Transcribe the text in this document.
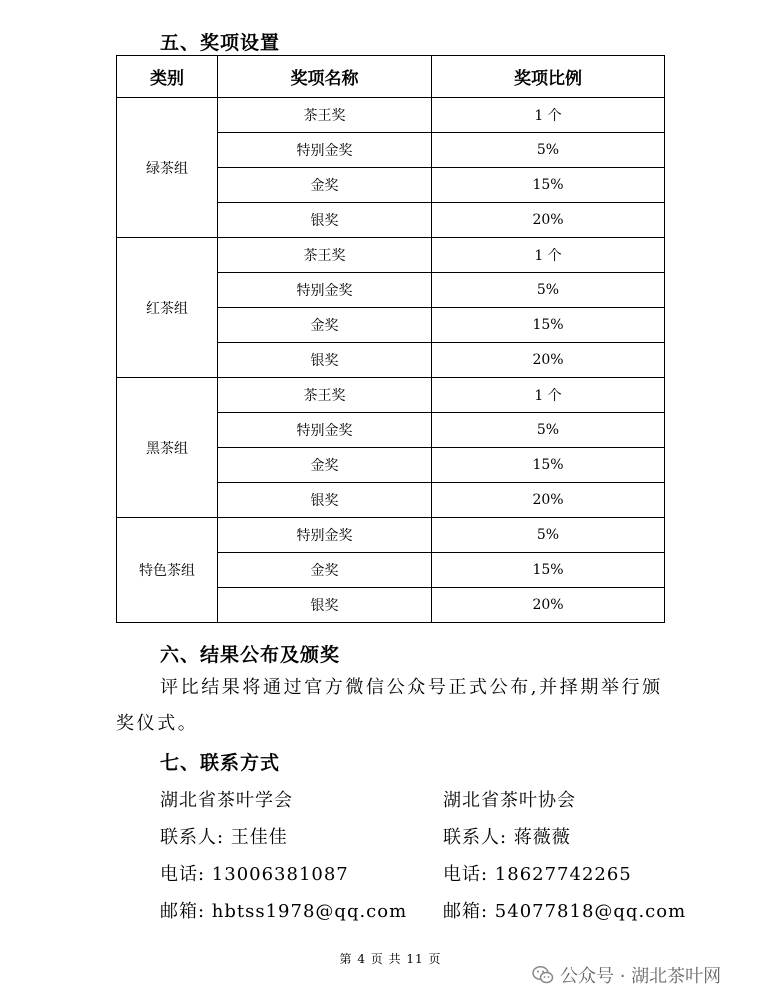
五、奖项设置
类别	奖项名称	奖项比例
绿茶组	茶王奖	1 个
	特别金奖	5%
	金奖	15%
	银奖	20%
红茶组	茶王奖	1 个
	特别金奖	5%
	金奖	15%
	银奖	20%
黑茶组	茶王奖	1 个
	特别金奖	5%
	金奖	15%
	银奖	20%
特色茶组	特别金奖	5%
	金奖	15%
	银奖	20%
六、结果公布及颁奖
评比结果将通过官方微信公众号正式公布,并择期举行颁奖仪式。
七、联系方式
湖北省茶叶学会
联系人: 王佳佳
电话: 13006381087
邮箱: hbtss1978@qq.com
湖北省茶叶协会
联系人: 蒋薇薇
电话: 18627742265
邮箱: 54077818@qq.com
第 4 页 共 11 页
公众号 · 湖北茶叶网
